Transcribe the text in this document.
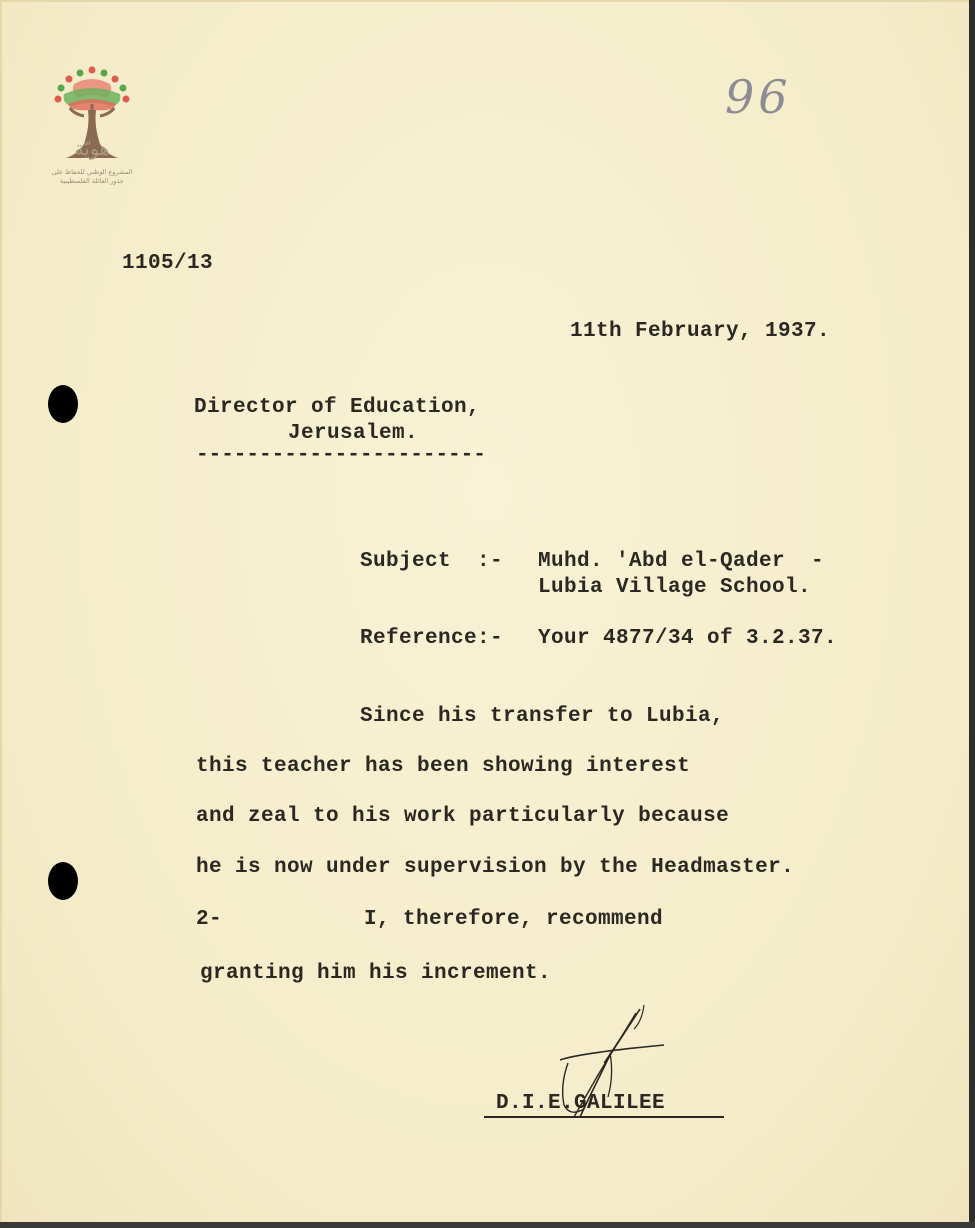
هويّة
المشروع الوطني للحفاظ على
جذور العائلة الفلسطينية
96
1105/13
11th February, 1937.
Director of Education,
Jerusalem.
-----------------------
Subject  :- Muhd. 'Abd el-Qader  -
Lubia Village School.
Reference:- Your 4877/34 of 3.2.37.
Since his transfer to Lubia,
this teacher has been showing interest
and zeal to his work particularly because
he is now under supervision by the Headmaster.
2-	I, therefore, recommend
granting him his increment.
D.I.E.GALILEE
